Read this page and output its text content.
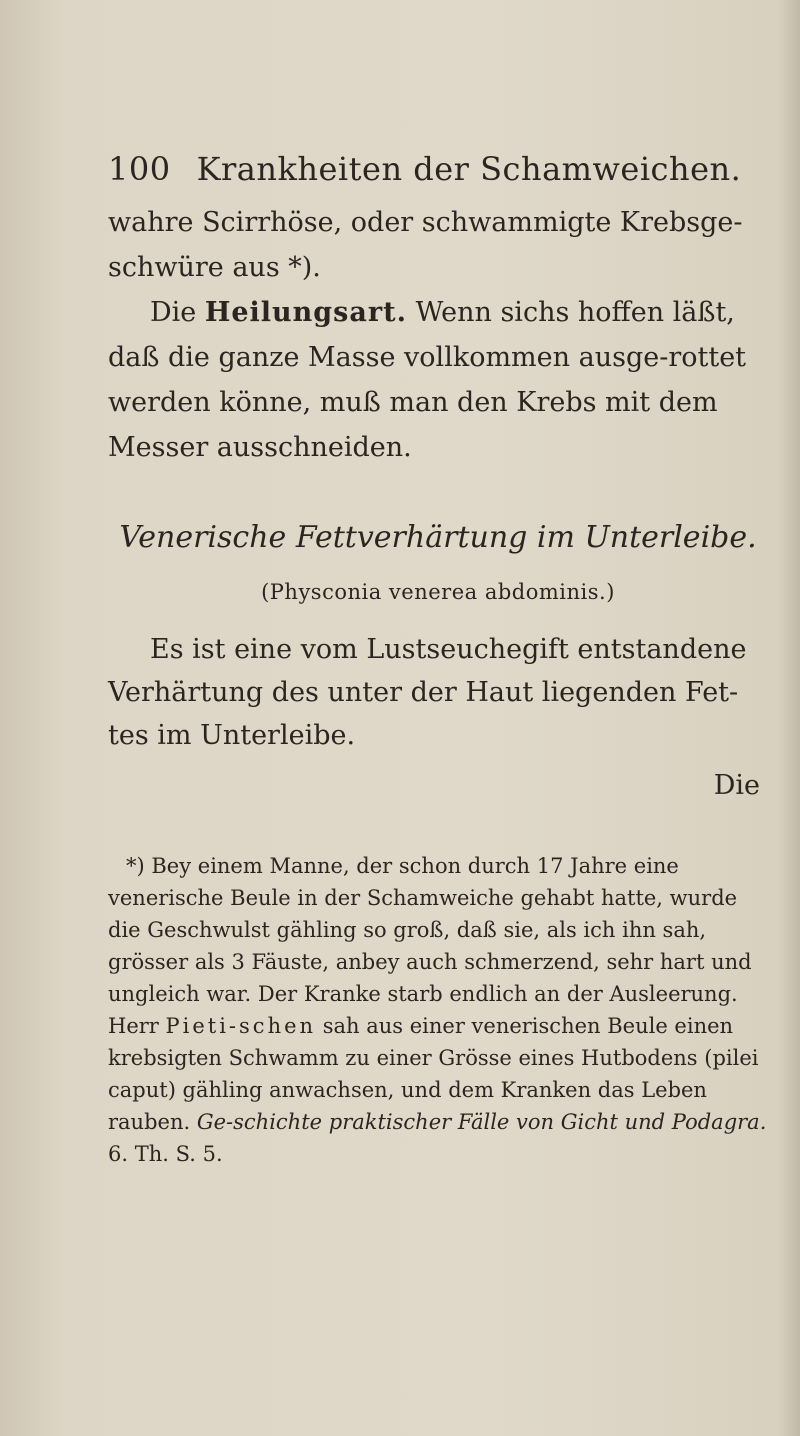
100 Krankheiten der Schamweichen.
wahre Scirrhöse, oder schwammigte Krebsge-schwüre aus *).
Die Heilungsart. Wenn sichs hoffen läßt, daß die ganze Masse vollkommen ausge-rottet werden könne, muß man den Krebs mit dem Messer ausschneiden.
Venerische Fettverhärtung im Unterleibe.
(Physconia venerea abdominis.)
Es ist eine vom Lustseuchegift entstandene Verhärtung des unter der Haut liegenden Fet-tes im Unterleibe.
Die
*) Bey einem Manne, der schon durch 17 Jahre eine venerische Beule in der Schamweiche gehabt hatte, wurde die Geschwulst gähling so groß, daß sie, als ich ihn sah, grösser als 3 Fäuste, anbey auch schmerzend, sehr hart und ungleich war. Der Kranke starb endlich an der Ausleerung. Herr Pieti-schen sah aus einer venerischen Beule einen krebsigten Schwamm zu einer Grösse eines Hutbodens (pilei caput) gähling anwachsen, und dem Kranken das Leben rauben. Ge-schichte praktischer Fälle von Gicht und Podagra. 6. Th. S. 5.
